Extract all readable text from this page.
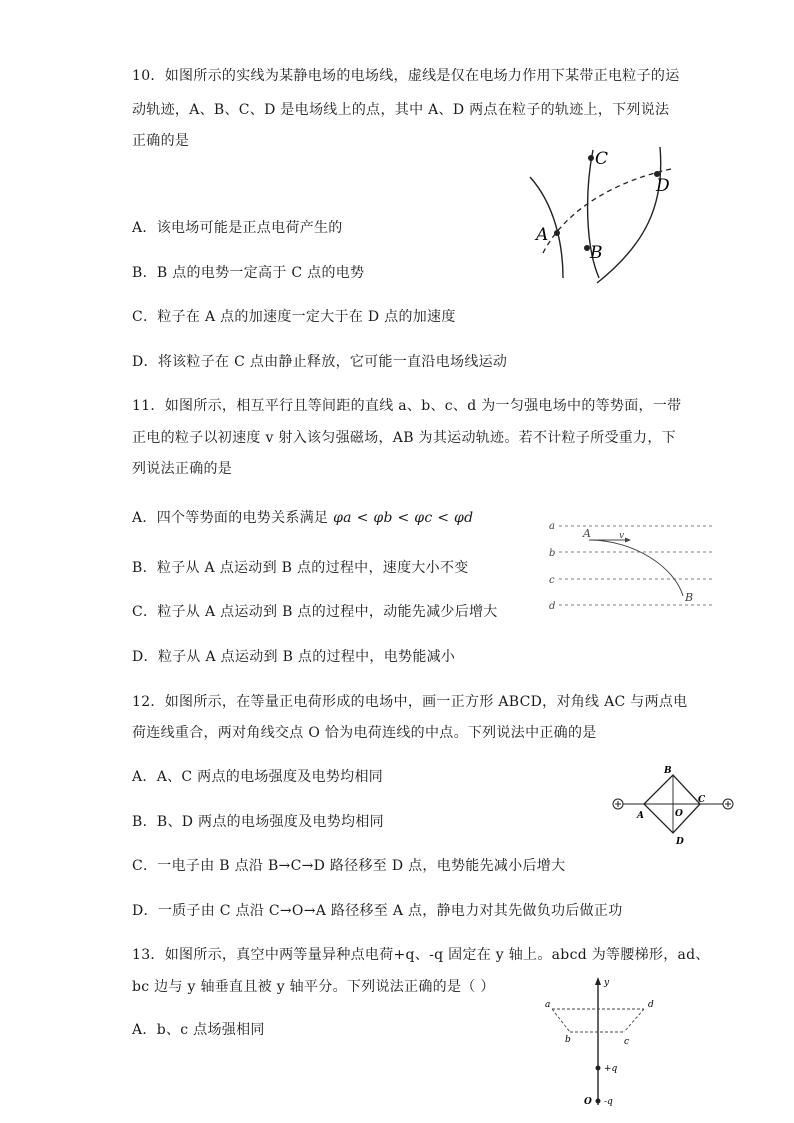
10．如图所示的实线为某静电场的电场线，虚线是仅在电场力作用下某带正电粒子的运
动轨迹，A、B、C、D 是电场线上的点，其中 A、D 两点在粒子的轨迹上，下列说法
正确的是
A
B
C
D
A．该电场可能是正点电荷产生的
B．B 点的电势一定高于 C 点的电势
C．粒子在 A 点的加速度一定大于在 D 点的加速度
D．将该粒子在 C 点由静止释放，它可能一直沿电场线运动
11．如图所示，相互平行且等间距的直线 a、b、c、d 为一匀强电场中的等势面，一带
正电的粒子以初速度 v 射入该匀强磁场，AB 为其运动轨迹。若不计粒子所受重力，下
列说法正确的是
A．四个等势面的电势关系满足 φa < φb < φc < φd
a
b
c
d
A	v
B
B．粒子从 A 点运动到 B 点的过程中，速度大小不变
C．粒子从 A 点运动到 B 点的过程中，动能先减少后增大
D．粒子从 A 点运动到 B 点的过程中，电势能减小
12．如图所示，在等量正电荷形成的电场中，画一正方形 ABCD，对角线 AC 与两点电
荷连线重合，两对角线交点 O 恰为电荷连线的中点。下列说法中正确的是
A．A、C 两点的电场强度及电势均相同
A
B
C
D
O
B．B、D 两点的电场强度及电势均相同
C．一电子由 B 点沿 B→C→D 路径移至 D 点，电势能先减小后增大
D．一质子由 C 点沿 C→O→A 路径移至 A 点，静电力对其先做负功后做正功
13．如图所示，真空中两等量异种点电荷+q、-q 固定在 y 轴上。abcd 为等腰梯形，ad、
bc 边与 y 轴垂直且被 y 轴平分。下列说法正确的是（ ）
A．b、c 点场强相同
y
a	d
b	c
+q
-q
O
